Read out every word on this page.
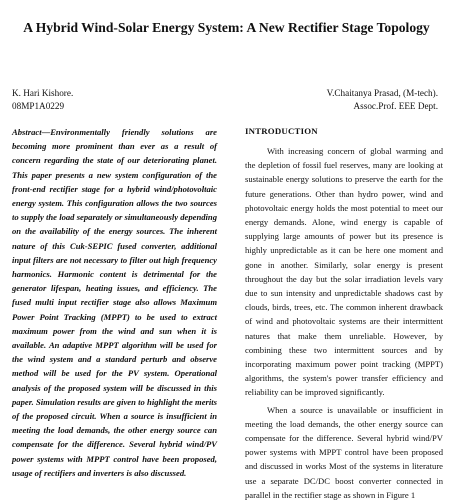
A Hybrid Wind-Solar Energy System: A New Rectifier Stage Topology
K. Hari Kishore.
08MP1A0229
V.Chaitanya Prasad, (M-tech).
Assoc.Prof. EEE Dept.

Abstract—Environmentally friendly solutions are becoming more prominent than ever as a result of concern regarding the state of our deteriorating planet. This paper presents a new system configuration of the front-end rectifier stage for a hybrid wind/photovoltaic energy system. This configuration allows the two sources to supply the load separately or simultaneously depending on the availability of the energy sources. The inherent nature of this Cuk-SEPIC fused converter, additional input filters are not necessary to filter out high frequency harmonics. Harmonic content is detrimental for the generator lifespan, heating issues, and efficiency. The fused multi input rectifier stage also allows Maximum Power Point Tracking (MPPT) to be used to extract maximum power from the wind and sun when it is available. An adaptive MPPT algorithm will be used for the wind system and a standard perturb and observe method will be used for the PV system. Operational analysis of the proposed system will be discussed in this paper. Simulation results are given to highlight the merits of the proposed circuit. When a source is insufficient in meeting the load demands, the other energy source can compensate for the difference. Several hybrid wind/PV power systems with MPPT control have been proposed, usage of rectifiers and inverters is also discussed.

INTRODUCTION

With increasing concern of global warming and the depletion of fossil fuel reserves, many are looking at sustainable energy solutions to preserve the earth for the future generations. Other than hydro power, wind and photovoltaic energy holds the most potential to meet our energy demands. Alone, wind energy is capable of supplying large amounts of power but its presence is highly unpredictable as it can be here one moment and gone in another. Similarly, solar energy is present throughout the day but the solar irradiation levels vary due to sun intensity and unpredictable shadows cast by clouds, birds, trees, etc. The common inherent drawback of wind and photovoltaic systems are their intermittent natures that make them unreliable. However, by combining these two intermittent sources and by incorporating maximum power point tracking (MPPT) algorithms, the system's power transfer efficiency and reliability can be improved significantly.

When a source is unavailable or insufficient in meeting the load demands, the other energy source can compensate for the difference. Several hybrid wind/PV power systems with MPPT control have been proposed and discussed in works Most of the systems in literature use a separate DC/DC boost converter connected in parallel in the rectifier stage as shown in Figure 1
